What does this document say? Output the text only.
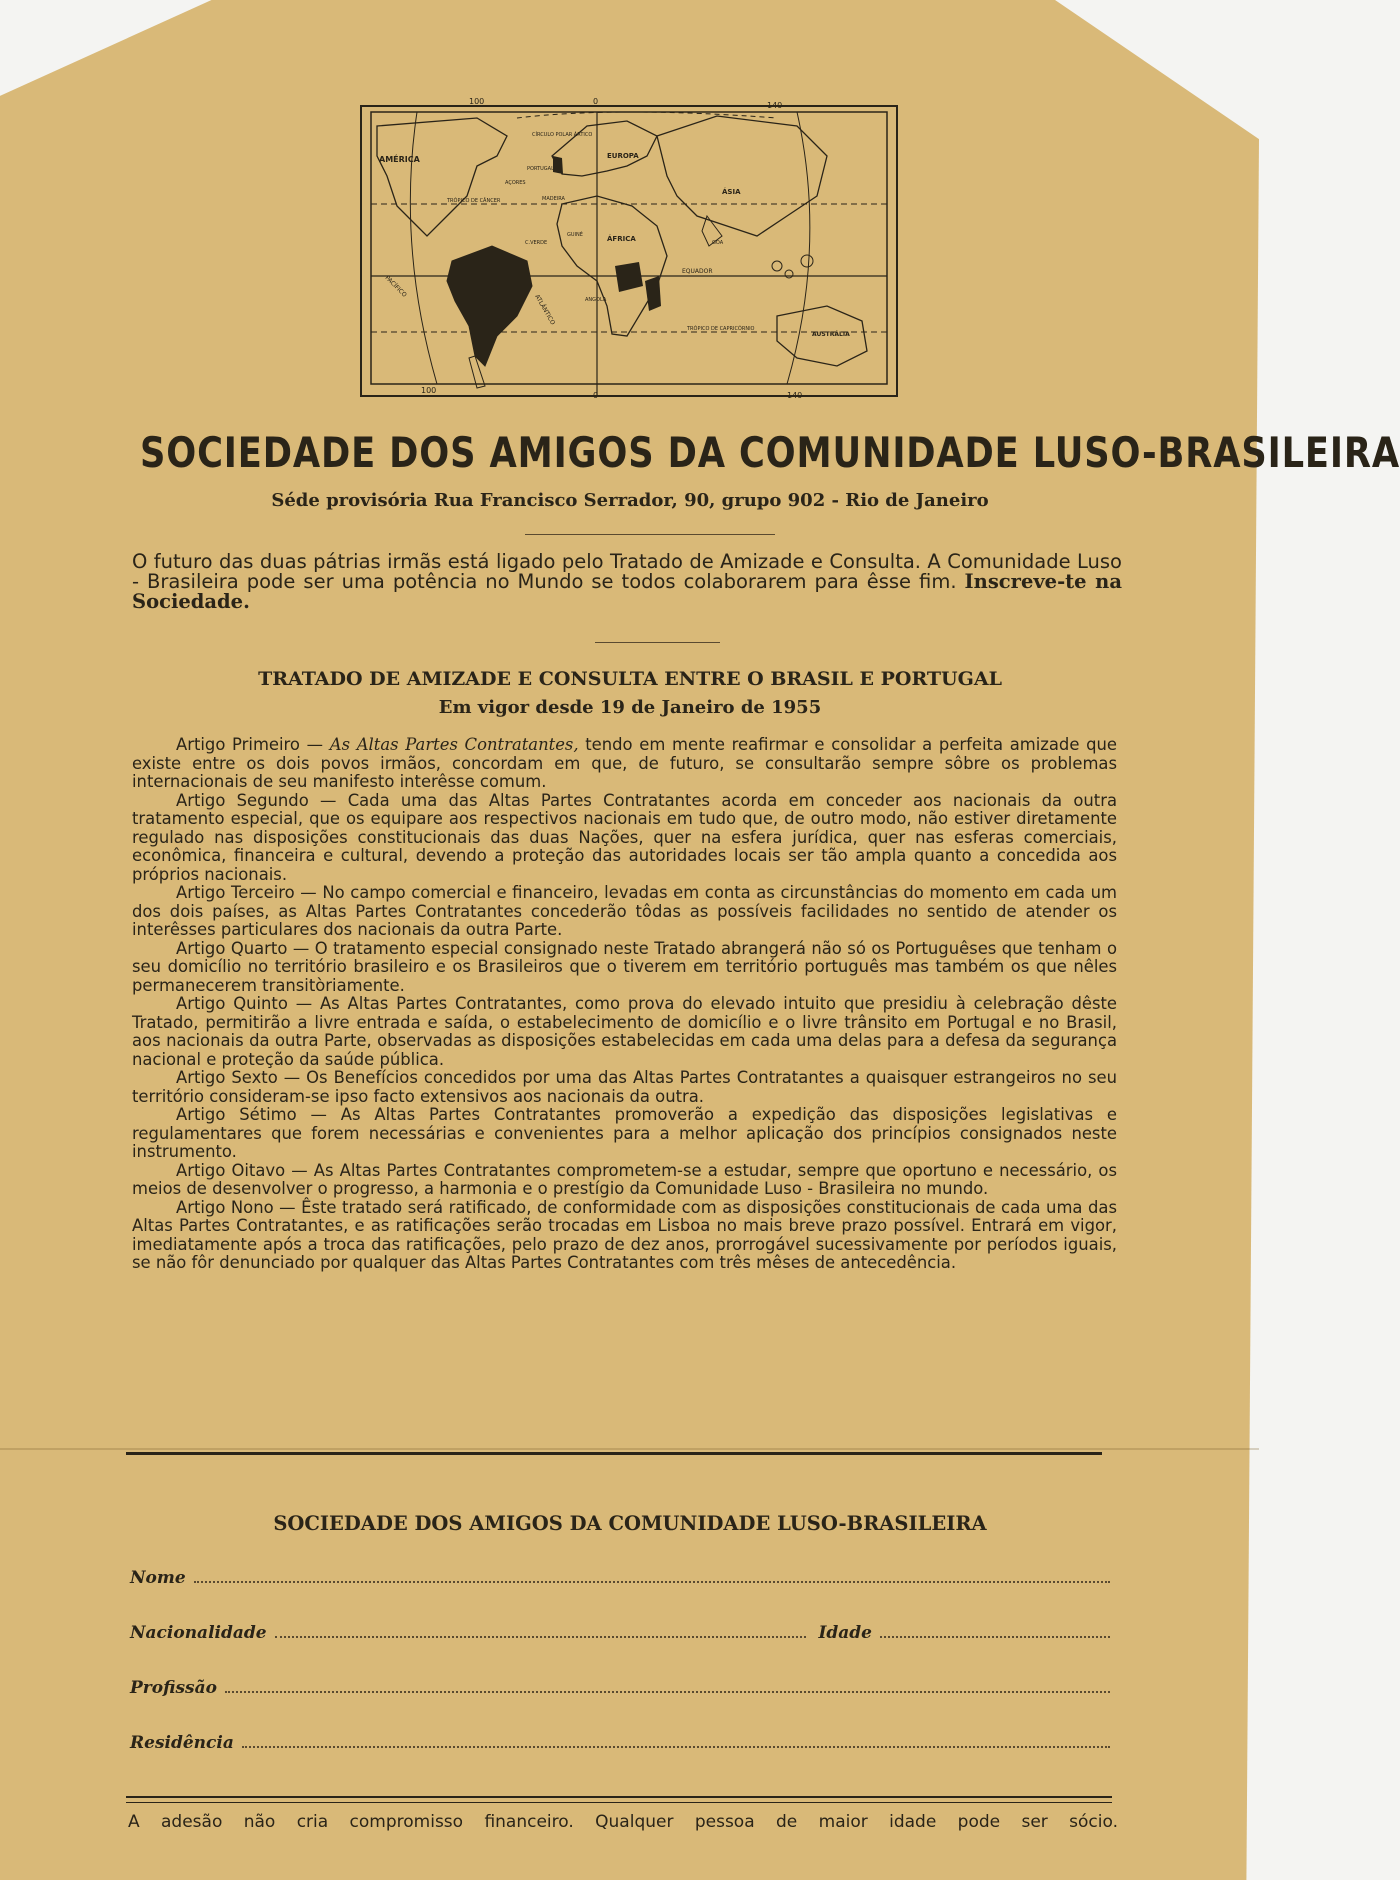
AMÉRICA	EUROPA
ÁSIA
ÁFRICA
AUSTRÁLIA
PORTUGAL
AÇORES
MADEIRA
CÍRCULO POLAR ÁRTICO
TRÓPICO DE CÂNCER
TRÓPICO DE CAPRICÓRNIO
EQUADOR
ATLÂNTICO
PACÍFICO
ANGOLA
GUINÉ
C.VERDE	GOA
100	0	140
100
0	140
SOCIEDADE DOS AMIGOS DA COMUNIDADE LUSO-BRASILEIRA

Séde provisória Rua Francisco Serrador, 90, grupo 902 - Rio de Janeiro

O futuro das duas pátrias irmãs está ligado pelo Tratado de Amizade e Consulta. A Comunidade Luso - Brasileira pode ser uma potência no Mundo se todos colaborarem para êsse fim. Inscreve-te na Sociedade.

TRATADO DE AMIZADE E CONSULTA ENTRE O BRASIL E PORTUGAL
Em vigor desde 19 de Janeiro de 1955

Artigo Primeiro — As Altas Partes Contratantes, tendo em mente reafirmar e consolidar a perfeita amizade que existe entre os dois povos irmãos, concordam em que, de futuro, se consultarão sempre sôbre os problemas internacionais de seu manifesto interêsse comum.

Artigo Segundo — Cada uma das Altas Partes Contratantes acorda em conceder aos nacionais da outra tratamento especial, que os equipare aos respectivos nacionais em tudo que, de outro modo, não estiver diretamente regulado nas disposições constitucionais das duas Nações, quer na esfera jurídica, quer nas esferas comerciais, econômica, financeira e cultural, devendo a proteção das autoridades locais ser tão ampla quanto a concedida aos próprios nacionais.

Artigo Terceiro — No campo comercial e financeiro, levadas em conta as circunstâncias do momento em cada um dos dois países, as Altas Partes Contratantes concederão tôdas as possíveis facilidades no sentido de atender os interêsses particulares dos nacionais da outra Parte.

Artigo Quarto — O tratamento especial consignado neste Tratado abrangerá não só os Portuguêses que tenham o seu domicílio no território brasileiro e os Brasileiros que o tiverem em território português mas também os que nêles permanecerem transitòriamente.

Artigo Quinto — As Altas Partes Contratantes, como prova do elevado intuito que presidiu à celebração dêste Tratado, permitirão a livre entrada e saída, o estabelecimento de domicílio e o livre trânsito em Portugal e no Brasil, aos nacionais da outra Parte, observadas as disposições estabelecidas em cada uma delas para a defesa da segurança nacional e proteção da saúde pública.

Artigo Sexto — Os Benefícios concedidos por uma das Altas Partes Contratantes a quaisquer estrangeiros no seu território consideram-se ipso facto extensivos aos nacionais da outra.

Artigo Sétimo — As Altas Partes Contratantes promoverão a expedição das disposições legislativas e regulamentares que forem necessárias e convenientes para a melhor aplicação dos princípios consignados neste instrumento.

Artigo Oitavo — As Altas Partes Contratantes comprometem-se a estudar, sempre que oportuno e necessário, os meios de desenvolver o progresso, a harmonia e o prestígio da Comunidade Luso - Brasileira no mundo.

Artigo Nono — Êste tratado será ratificado, de conformidade com as disposições constitucionais de cada uma das Altas Partes Contratantes, e as ratificações serão trocadas em Lisboa no mais breve prazo possível. Entrará em vigor, imediatamente após a troca das ratificações, pelo prazo de dez anos, prorrogável sucessivamente por períodos iguais, se não fôr denunciado por qualquer das Altas Partes Contratantes com três mêses de antecedência.

SOCIEDADE DOS AMIGOS DA COMUNIDADE LUSO-BRASILEIRA
Nome
Nacionalidade	Idade
Profissão
Residência

A adesão não cria compromisso financeiro. Qualquer pessoa de maior idade pode ser sócio.
